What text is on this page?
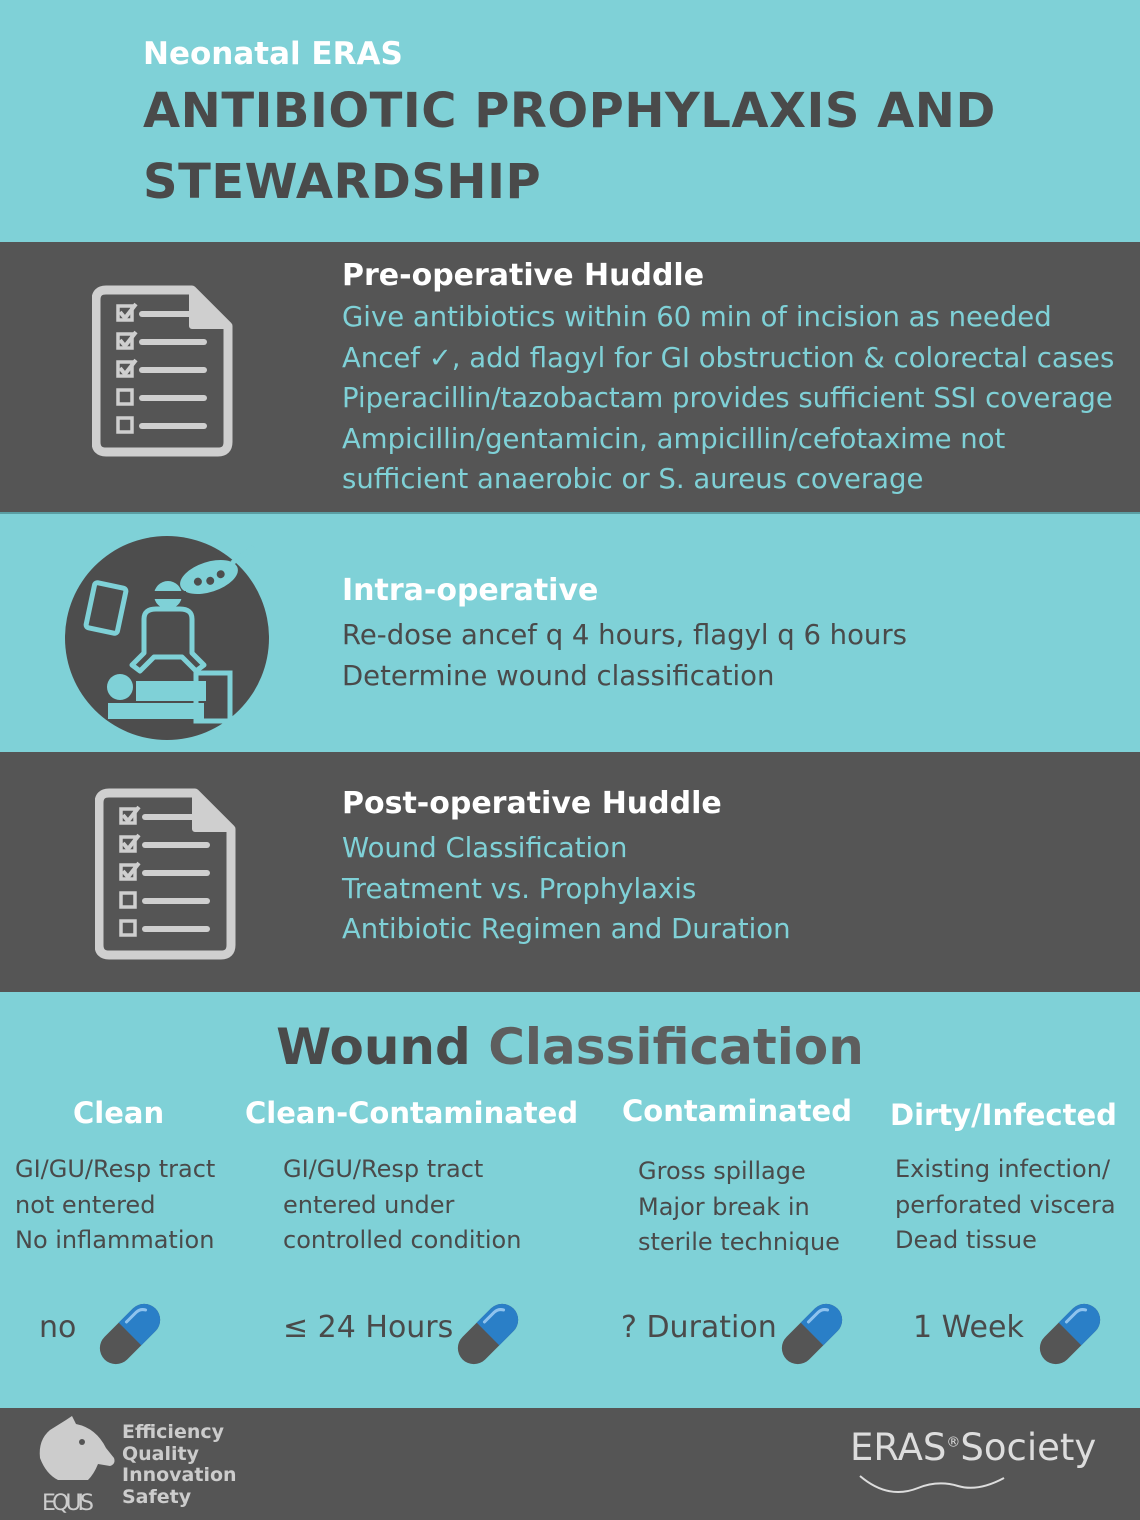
Neonatal ERAS
ANTIBIOTIC PROPHYLAXIS AND STEWARDSHIP
Pre-operative Huddle
Give antibiotics within 60 min of incision as needed
Ancef ✓, add flagyl for GI obstruction & colorectal cases
Piperacillin/tazobactam provides sufficient SSI coverage
Ampicillin/gentamicin, ampicillin/cefotaxime not
sufficient anaerobic or S. aureus coverage
Intra-operative
Re-dose ancef q 4 hours, flagyl q 6 hours
Determine wound classification
Post-operative Huddle
Wound Classification
Treatment vs. Prophylaxis
Antibiotic Regimen and Duration
Wound Classification
Clean
GI/GU/Resp tract
not entered
No inflammation
no
Clean-Contaminated
GI/GU/Resp tract
entered under
controlled condition
≤ 24 Hours
Contaminated
Gross spillage
Major break in
sterile technique
? Duration
Dirty/Infected
Existing infection/
perforated viscera
Dead tissue
1 Week
EQUIS
Efficiency
Quality
Innovation
Safety
ERAS®Society
